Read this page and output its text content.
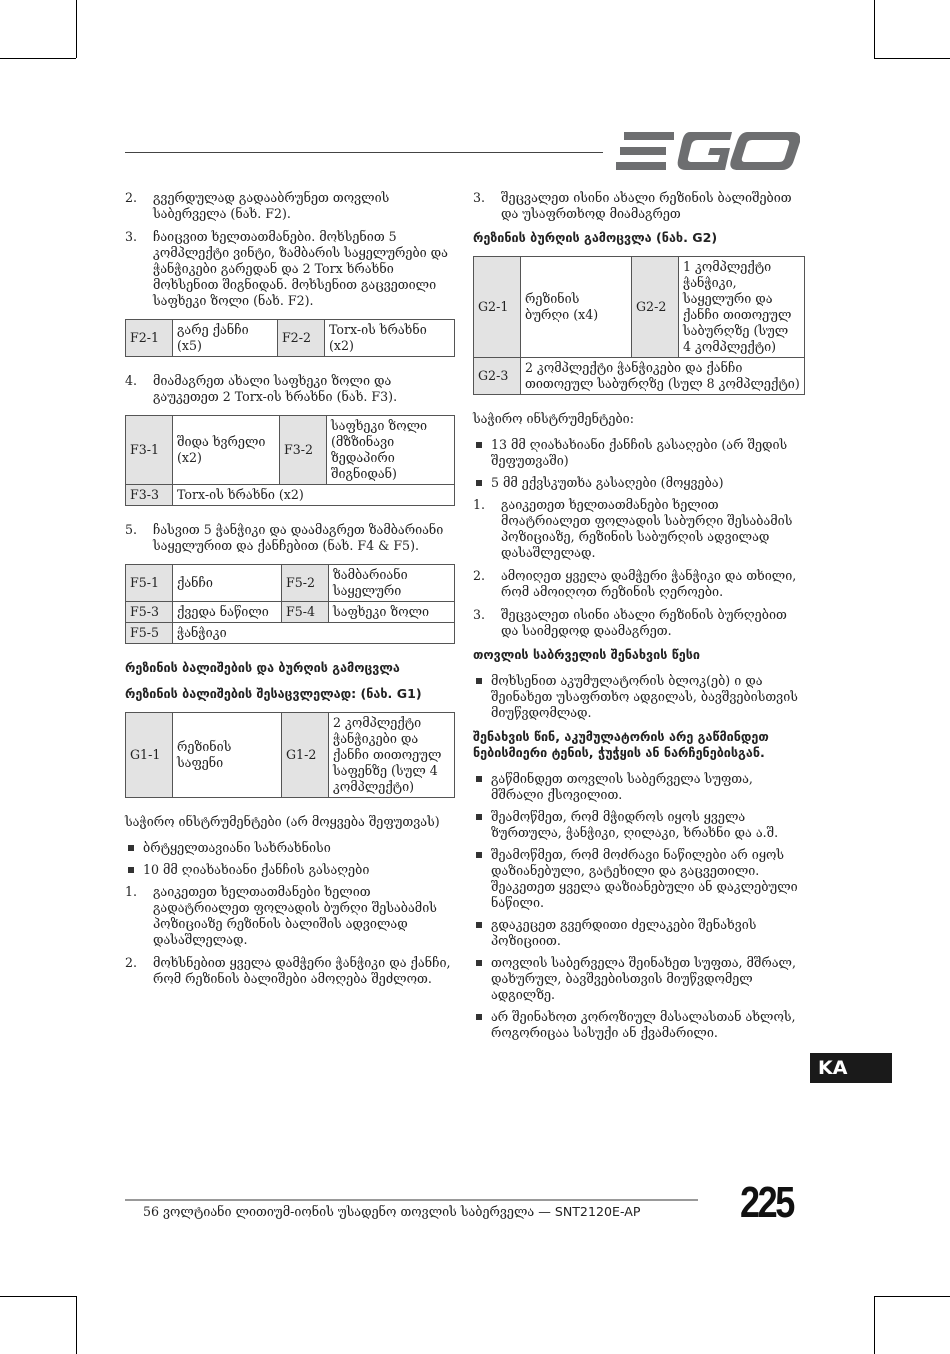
2. გვერდულად გადააბრუნეთ თოვლის საბერველა (ნახ. F2).
3. ჩაიცვით ხელთათმანები. მოხსენით 5 კომპლექტი ვინტი, ზამბარის საყელურები და ჭანჭიკები გარედან და 2 Torx ხრახნი მოხსენით შიგნიდან. მოხსენით გაცვეთილი საფხეკი ზოლი (ნახ. F2).
F2-1	გარე ქანჩი (x5)	F2-2	Torx-ის ხრახნი (x2)
4. მიამაგრეთ ახალი საფხეკი ზოლი და გაუკეთეთ 2 Torx-ის ხრახნი (ნახ. F3).
F3-1	შიდა ხვრელი (x2)	F3-2	საფხეკი ზოლი (მზზინავი ზედაპირი შიგნიდან)
F3-3	Torx-ის ხრახნი (x2)		
5. ჩასვით 5 ჭანჭიკი და დაამაგრეთ ზამბარიანი საყელურით და ქანჩებით (ნახ. F4 & F5).
F5-1	ქანჩი	F5-2	ზამბარიანი საყელური
F5-3	ქვედა ნაწილი	F5-4	საფხეკი ზოლი
F5-5	ჭანჭიკი		
რეზინის ბალიშების და ბურღის გამოცვლა
რეზინის ბალიშების შესაცვლელად: (ნახ. G1)
G1-1	რეზინის საფენი	G1-2	2 კომპლექტი ჭანჭიკები და ქანჩი თითოეულ საფენზე (სულ 4 კომპლექტი)
საჭირო ინსტრუმენტები (არ მოყვება შეფუთვას)
ბრტყელთავიანი სახრახნისი
10 მმ ღიახახიანი ქანჩის გასაღები
1. გაიკეთეთ ხელთათმანები ხელით გადატრიალეთ ფოლადის ბურღი შესაბამის პოზიციაზე რეზინის ბალიშის ადვილად დასაშლელად.
2. მოხსნებით ყველა დამჭერი ჭანჭიკი და ქანჩი, რომ რეზინის ბალიშები ამოღება შეძლოთ.
3. შეცვალეთ ისინი ახალი რეზინის ბალიშებით და უსაფრთხოდ მიამაგრეთ
რეზინის ბურღის გამოცვლა (ნახ. G2)
G2-1	რეზინის ბურღი (x4)	G2-2	1 კომპლექტი ჭანჭიკი, საყელური და ქანჩი თითოეულ საბურღზე (სულ 4 კომპლექტი)
G2-3	2 კომპლექტი ჭანჭიკები და ქანჩი თითოეულ საბურღზე (სულ 8 კომპლექტი)		
საჭირო ინსტრუმენტები:
13 მმ ღიახახიანი ქანჩის გასაღები (არ შედის შეფუთვაში)
5 მმ ექვსკუთხა გასაღები (მოყვება)
1. გაიკეთეთ ხელთათმანები ხელით მოატრიალეთ ფოლადის საბურღი შესაბამის პოზიციაზე, რეზინის საბურღის ადვილად დასაშლელად.
2. ამოიღეთ ყველა დამჭერი ჭანჭიკი და თხილი, რომ ამოიღოთ რეზინის ღეროები.
3. შეცვალეთ ისინი ახალი რეზინის ბურღებით და საიმედოდ დაამაგრეთ.
თოვლის საბრველის შენახვის წესი
მოხსენით აკუმულატორის ბლოკ(ებ) ი და შეინახეთ უსაფრთხო ადგილას, ბავშვებისთვის მიუწვდომლად.
შენახვის წინ, აკუმულატორის არე გაწმინდეთ ნებისმიერი ტენის, ჭუჭყის ან ნარჩენებისგან.
გაწმინდეთ თოვლის საბერველა სუფთა, მშრალი ქსოვილით.
შეამოწმეთ, რომ მჭიდროს იყოს ყველა ზურთულა, ჭანჭიკი, ღილაკი, ხრახნი და ა.შ.
შეამოწმეთ, რომ მოძრავი ნაწილები არ იყოს დაზიანებული, გატეხილი და გაცვეთილი. შეაკეთეთ ყველა დაზიანებული ან დაკლებული ნაწილი.
გდაკეცეთ გვერდითი ძელაკები შენახვის პოზიციით.
თოვლის საბერველა შეინახეთ სუფთა, მშრალ, დახურულ, ბავშვებისთვის მიუწვდომელ ადგილზე.
არ შეინახოთ კოროზიულ მასალასთან ახლოს, როგორიცაა სასუქი ან ქვამარილი.
KA
56 ვოლტიანი ლითიუმ-იონის უსადენო თოვლის საბერველა — SNT2120E-AP 225
